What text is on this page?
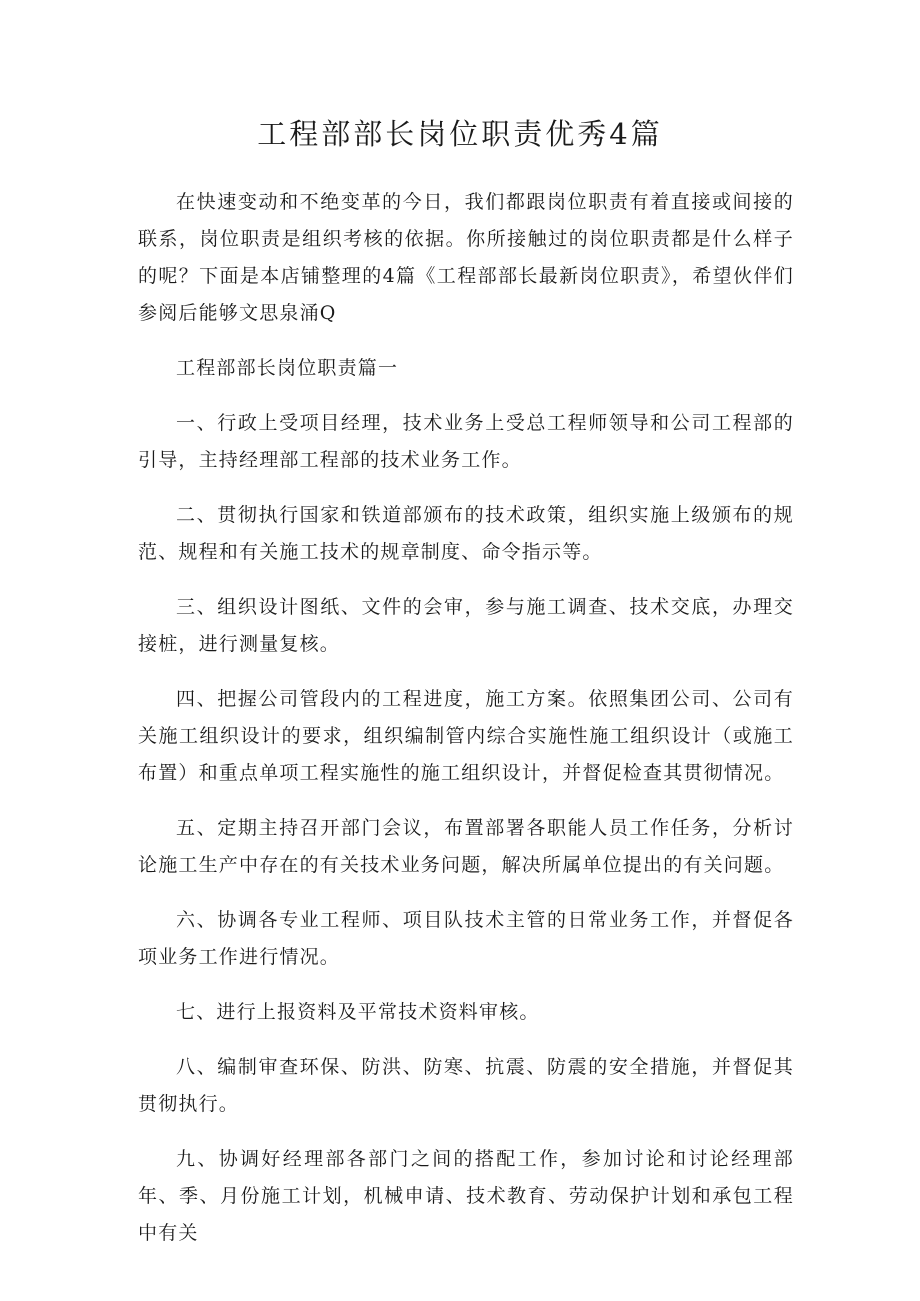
工程部部长岗位职责优秀4篇

在快速变动和不绝变革的今日，我们都跟岗位职责有着直接或间接的联系，岗位职责是组织考核的依据。你所接触过的岗位职责都是什么样子的呢？下面是本店铺整理的4篇《工程部部长最新岗位职责》，希望伙伴们参阅后能够文思泉涌Q

工程部部长岗位职责篇一

一、行政上受项目经理，技术业务上受总工程师领导和公司工程部的引导，主持经理部工程部的技术业务工作。

二、贯彻执行国家和铁道部颁布的技术政策，组织实施上级颁布的规范、规程和有关施工技术的规章制度、命令指示等。

三、组织设计图纸、文件的会审，参与施工调查、技术交底，办理交接桩，进行测量复核。

四、把握公司管段内的工程进度，施工方案。依照集团公司、公司有关施工组织设计的要求，组织编制管内综合实施性施工组织设计（或施工布置）和重点单项工程实施性的施工组织设计，并督促检查其贯彻情况。

五、定期主持召开部门会议，布置部署各职能人员工作任务，分析讨论施工生产中存在的有关技术业务问题，解决所属单位提出的有关问题。

六、协调各专业工程师、项目队技术主管的日常业务工作，并督促各项业务工作进行情况。

七、进行上报资料及平常技术资料审核。

八、编制审查环保、防洪、防寒、抗震、防震的安全措施，并督促其贯彻执行。

九、协调好经理部各部门之间的搭配工作，参加讨论和讨论经理部年、季、月份施工计划，机械申请、技术教育、劳动保护计划和承包工程中有关
